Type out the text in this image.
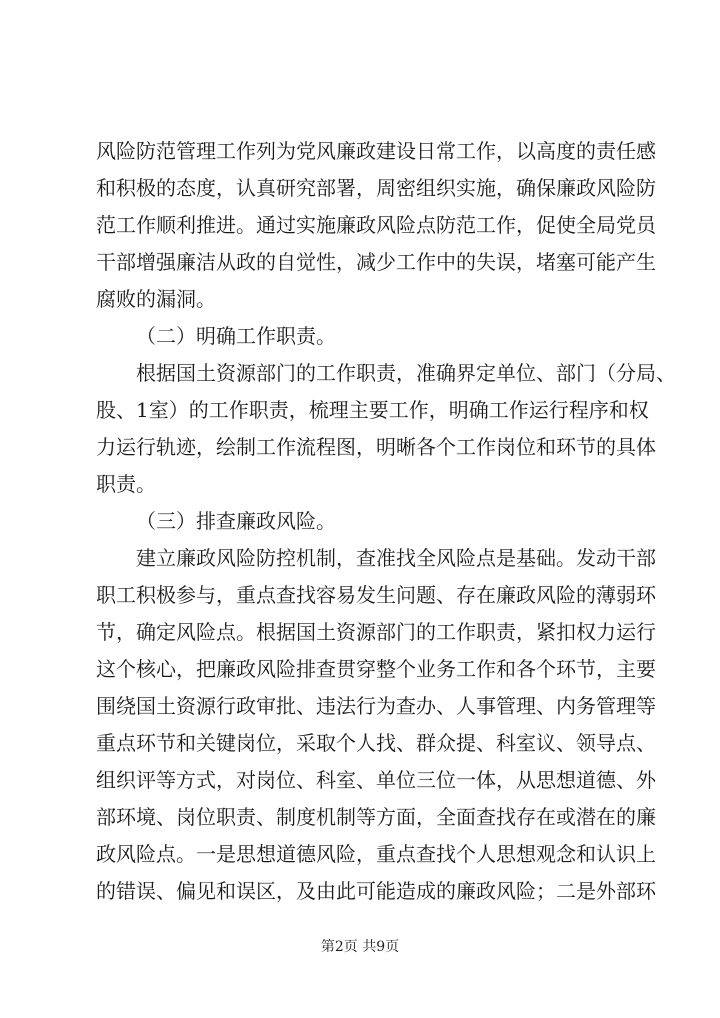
风险防范管理工作列为党风廉政建设日常工作，以高度的责任感
和积极的态度，认真研究部署，周密组织实施，确保廉政风险防
范工作顺利推进。通过实施廉政风险点防范工作，促使全局党员
干部增强廉洁从政的自觉性，减少工作中的失误，堵塞可能产生
腐败的漏洞。
（二）明确工作职责。
根据国土资源部门的工作职责，准确界定单位、部门（分局、
股、1室）的工作职责，梳理主要工作，明确工作运行程序和权
力运行轨迹，绘制工作流程图，明晰各个工作岗位和环节的具体
职责。
（三）排查廉政风险。
建立廉政风险防控机制，查准找全风险点是基础。发动干部
职工积极参与，重点查找容易发生问题、存在廉政风险的薄弱环
节，确定风险点。根据国土资源部门的工作职责，紧扣权力运行
这个核心，把廉政风险排查贯穿整个业务工作和各个环节，主要
围绕国土资源行政审批、违法行为查办、人事管理、内务管理等
重点环节和关键岗位，采取个人找、群众提、科室议、领导点、
组织评等方式，对岗位、科室、单位三位一体，从思想道德、外
部环境、岗位职责、制度机制等方面，全面查找存在或潜在的廉
政风险点。一是思想道德风险，重点查找个人思想观念和认识上
的错误、偏见和误区，及由此可能造成的廉政风险；二是外部环
第2页 共9页
